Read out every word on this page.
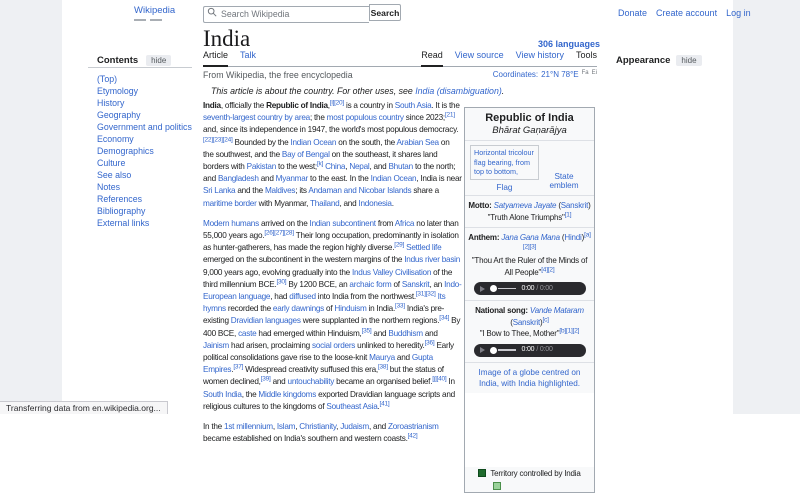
Wikipedia
Search Wikipedia	Search	Donate Create account Log in
Contents	hide
(Top)
Etymology
History
Geography
Government and politics
Economy
Demographics
Culture
See also
Notes
References
Bibliography
External links
India	306 languages
Article Talk	Read View source View history Tools Appearance	hide
From Wikipedia, the free encyclopedia	Coordinates: 21°N 78°E Fa Ei
This article is about the country. For other uses, see India (disambiguation).

India, officially the Republic of India,[i][20] is a country in South Asia. It is the seventh-largest country by area; the most populous country since 2023;[21] and, since its independence in 1947, the world's most populous democracy.[22][23][24] Bounded by the Indian Ocean on the south, the Arabian Sea on the southwest, and the Bay of Bengal on the southeast, it shares land borders with Pakistan to the west;[k] China, Nepal, and Bhutan to the north; and Bangladesh and Myanmar to the east. In the Indian Ocean, India is near Sri Lanka and the Maldives; its Andaman and Nicobar Islands share a maritime border with Myanmar, Thailand, and Indonesia.

Modern humans arrived on the Indian subcontinent from Africa no later than 55,000 years ago.[26][27][28] Their long occupation, predominantly in isolation as hunter-gatherers, has made the region highly diverse.[29] Settled life emerged on the subcontinent in the western margins of the Indus river basin 9,000 years ago, evolving gradually into the Indus Valley Civilisation of the third millennium BCE.[30] By 1200 BCE, an archaic form of Sanskrit, an Indo-European language, had diffused into India from the northwest.[31][32] Its hymns recorded the early dawnings of Hinduism in India.[33] India's pre-existing Dravidian languages were supplanted in the northern regions.[34] By 400 BCE, caste had emerged within Hinduism,[35] and Buddhism and Jainism had arisen, proclaiming social orders unlinked to heredity.[36] Early political consolidations gave rise to the loose-knit Maurya and Gupta Empires.[37] Widespread creativity suffused this era,[38] but the status of women declined,[39] and untouchability became an organised belief.[j][40] In South India, the Middle kingdoms exported Dravidian language scripts and religious cultures to the kingdoms of Southeast Asia.[41]

In the 1st millennium, Islam, Christianity, Judaism, and Zoroastrianism became established on India's southern and western coasts.[42]

Republic of India
Bhārat Gaṇarājya
Horizontal tricolour flag bearing, from top to bottom,
Flag
State emblem
Motto: Satyameva Jayate (Sanskrit)
"Truth Alone Triumphs"[1]
Anthem: Jana Gana Mana (Hindi)[a][2][3]
"Thou Art the Ruler of the Minds of All People"[4][2]
0:00 / 0:00
National song: Vande Mataram (Sanskrit)[c]
"I Bow to Thee, Mother"[b][1][2]
0:00 / 0:00
Image of a globe centred on India, with India highlighted.
Territory controlled by India
Transferring data from en.wikipedia.org...
